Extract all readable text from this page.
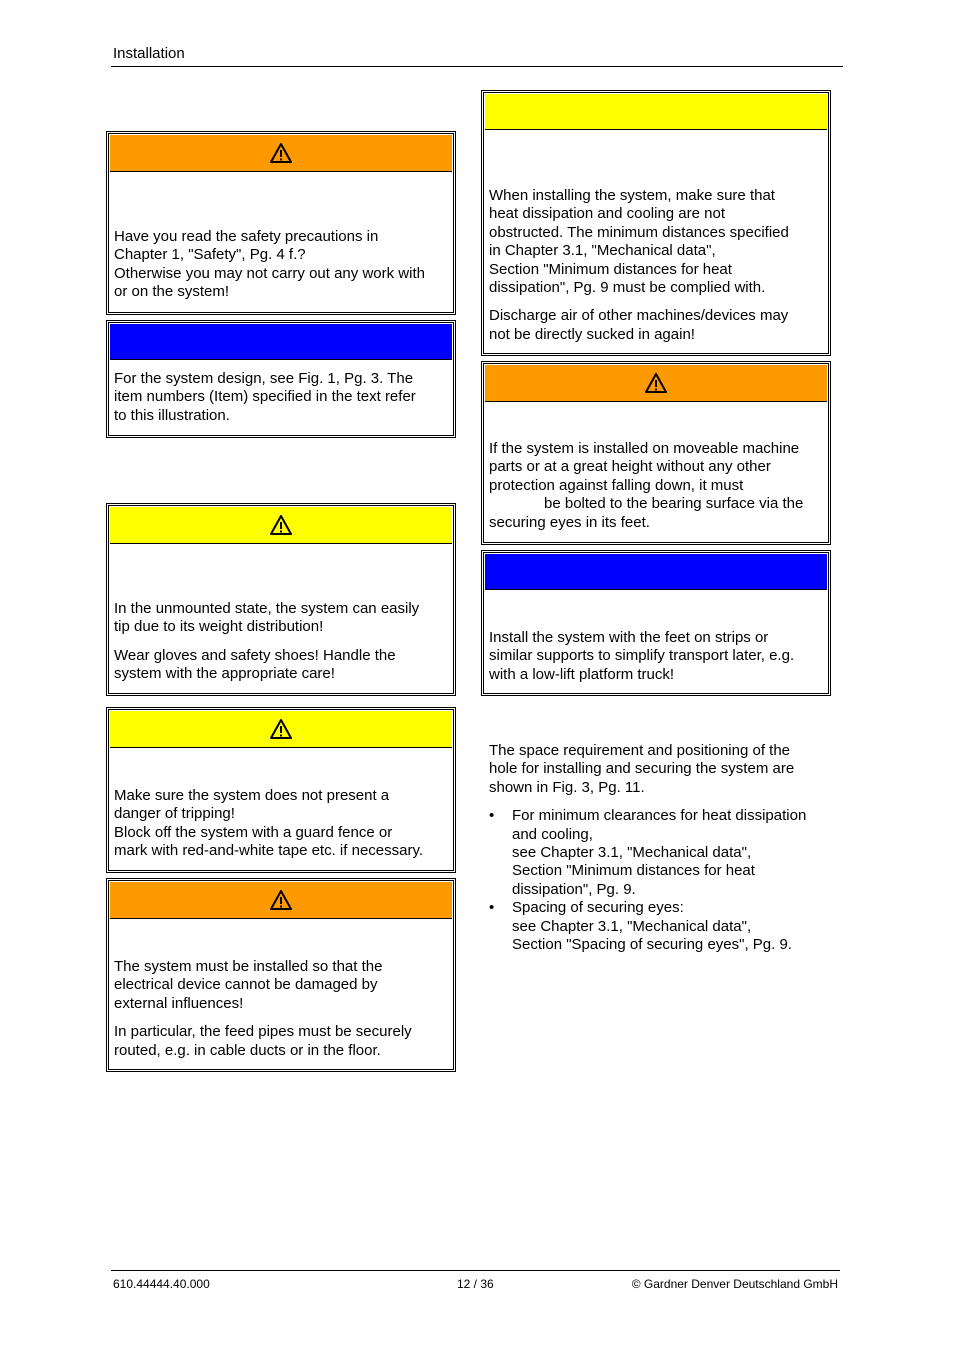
Installation
Have you read the safety precautions in
Chapter 1, "Safety", Pg. 4 f.?
Otherwise you may not carry out any work with
or on the system!
For the system design, see Fig. 1, Pg. 3. The
item numbers (Item) specified in the text refer
to this illustration.

In the unmounted state, the system can easily
tip due to its weight distribution!

Wear gloves and safety shoes! Handle the
system with the appropriate care!

Make sure the system does not present a
danger of tripping!
Block off the system with a guard fence or
mark with red-and-white tape etc. if necessary.

The system must be installed so that the
electrical device cannot be damaged by
external influences!

In particular, the feed pipes must be securely
routed, e.g. in cable ducts or in the floor.

When installing the system, make sure that
heat dissipation and cooling are not
obstructed. The minimum distances specified
in Chapter 3.1, "Mechanical data",
Section "Minimum distances for heat
dissipation", Pg. 9 must be complied with.

Discharge air of other machines/devices may
not be directly sucked in again!

If the system is installed on moveable machine
parts or at a great height without any other
protection against falling down, it must
be bolted to the bearing surface via the
securing eyes in its feet.
Install the system with the feet on strips or
similar supports to simplify transport later, e.g.
with a low-lift platform truck!

The space requirement and positioning of the
hole for installing and securing the system are
shown in Fig. 3, Pg. 11.

• For minimum clearances for heat dissipation
and cooling,
see Chapter 3.1, "Mechanical data",
Section "Minimum distances for heat
dissipation", Pg. 9.
• Spacing of securing eyes:
see Chapter 3.1, "Mechanical data",
Section "Spacing of securing eyes", Pg. 9.
610.44444.40.000	12 / 36	© Gardner Denver Deutschland GmbH
